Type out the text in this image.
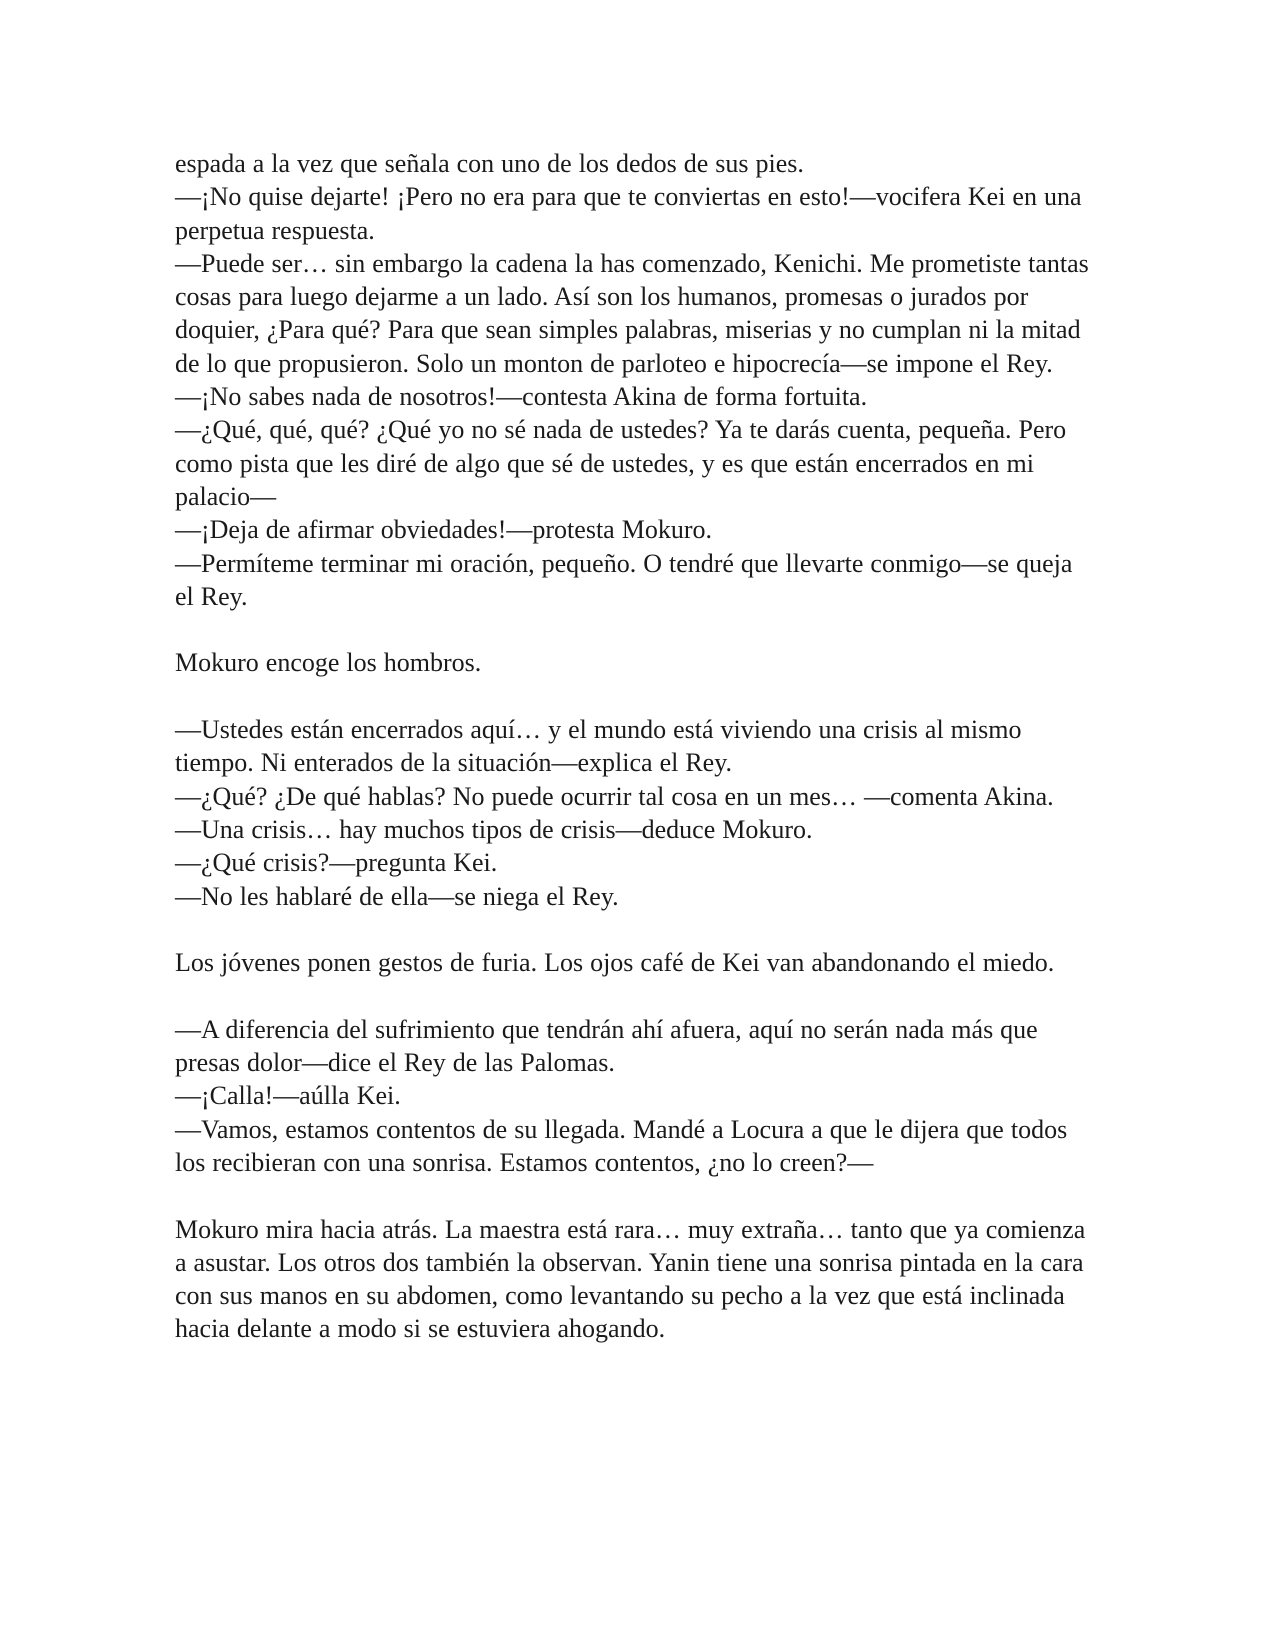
espada a la vez que señala con uno de los dedos de sus pies.

—¡No quise dejarte! ¡Pero no era para que te conviertas en esto!—vocifera Kei en una perpetua respuesta.

—Puede ser… sin embargo la cadena la has comenzado, Kenichi. Me prometiste tantas cosas para luego dejarme a un lado. Así son los humanos, promesas o jurados por doquier, ¿Para qué? Para que sean simples palabras, miserias y no cumplan ni la mitad de lo que propusieron. Solo un monton de parloteo e hipocrecía—se impone el Rey.

—¡No sabes nada de nosotros!—contesta Akina de forma fortuita.

—¿Qué, qué, qué? ¿Qué yo no sé nada de ustedes? Ya te darás cuenta, pequeña. Pero como pista que les diré de algo que sé de ustedes, y es que están encerrados en mi palacio—

—¡Deja de afirmar obviedades!—protesta Mokuro.

—Permíteme terminar mi oración, pequeño. O tendré que llevarte conmigo—se queja el Rey.

Mokuro encoge los hombros.

—Ustedes están encerrados aquí… y el mundo está viviendo una crisis al mismo tiempo. Ni enterados de la situación—explica el Rey.

—¿Qué? ¿De qué hablas? No puede ocurrir tal cosa en un mes… —comenta Akina.

—Una crisis… hay muchos tipos de crisis—deduce Mokuro.

—¿Qué crisis?—pregunta Kei.

—No les hablaré de ella—se niega el Rey.

Los jóvenes ponen gestos de furia. Los ojos café de Kei van abandonando el miedo.

—A diferencia del sufrimiento que tendrán ahí afuera, aquí no serán nada más que presas dolor—dice el Rey de las Palomas.

—¡Calla!—aúlla Kei.

—Vamos, estamos contentos de su llegada. Mandé a Locura a que le dijera que todos los recibieran con una sonrisa. Estamos contentos, ¿no lo creen?—

Mokuro mira hacia atrás. La maestra está rara… muy extraña… tanto que ya comienza a asustar. Los otros dos también la observan. Yanin tiene una sonrisa pintada en la cara con sus manos en su abdomen, como levantando su pecho a la vez que está inclinada hacia delante a modo si se estuviera ahogando.
